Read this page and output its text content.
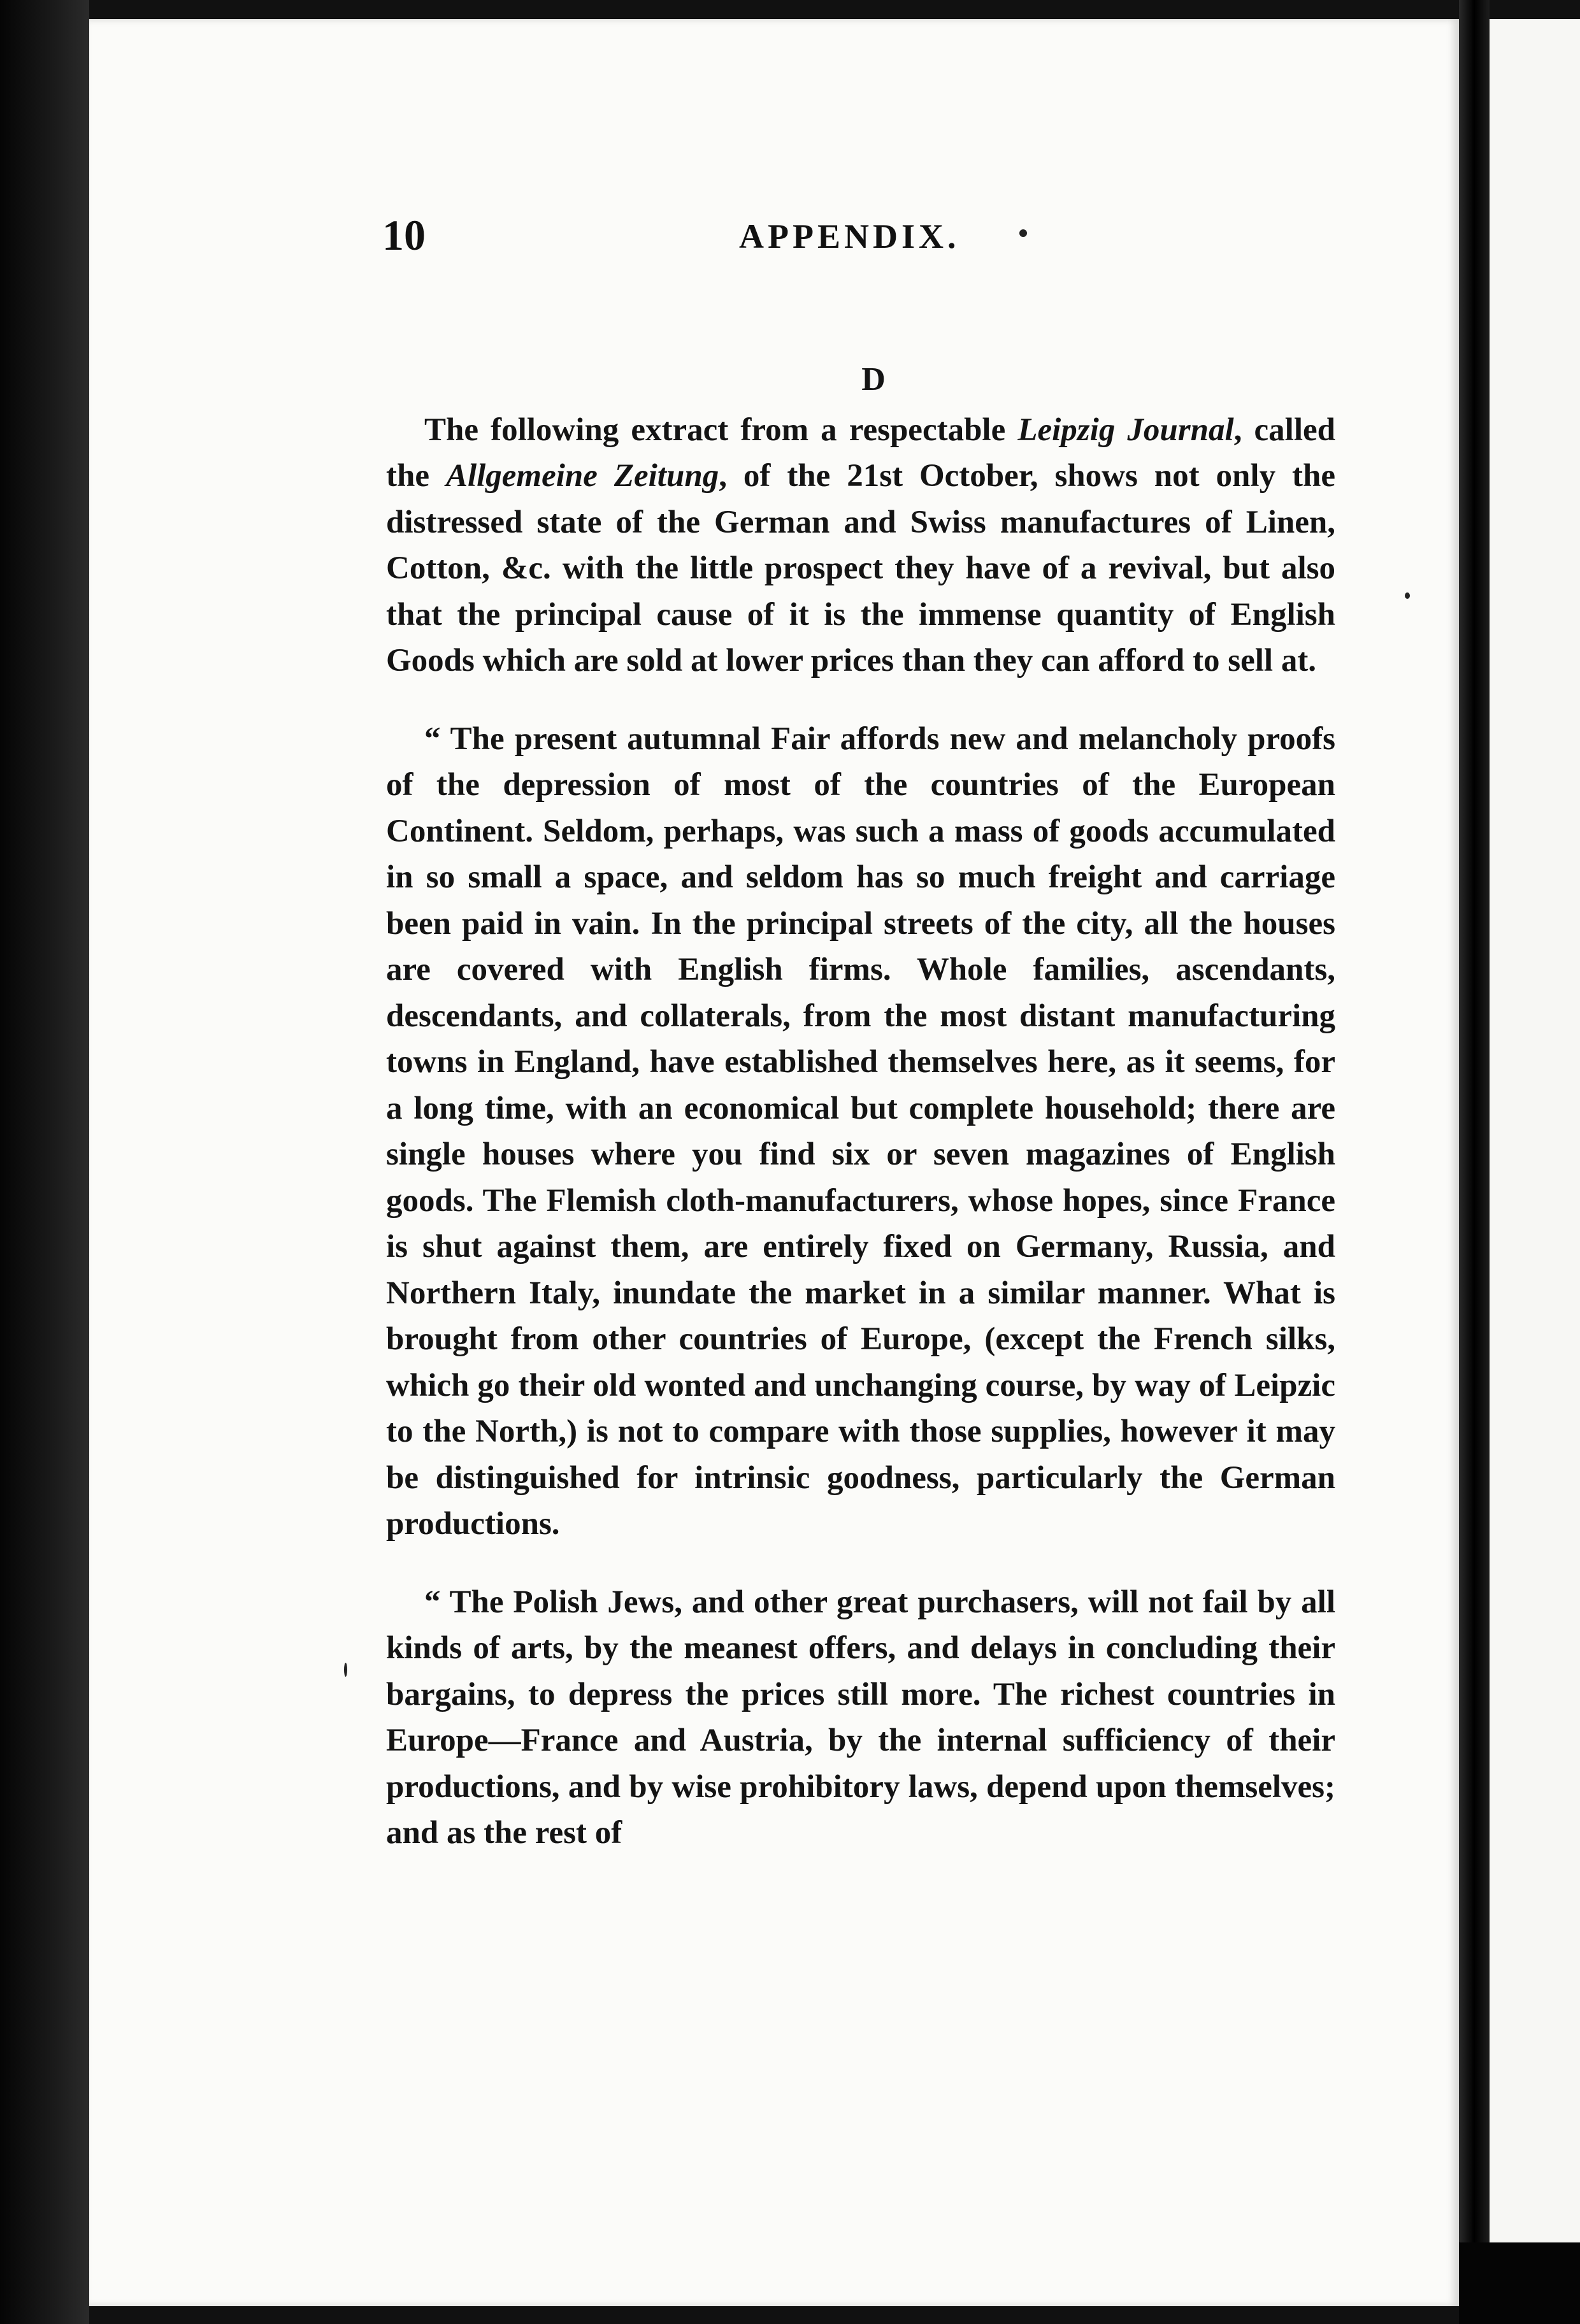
10	APPENDIX.
D

The following extract from a respectable Leipzig Journal, called the Allgemeine Zeitung, of the 21st October, shows not only the distressed state of the German and Swiss manufactures of Linen, Cotton, &c. with the little prospect they have of a revival, but also that the principal cause of it is the immense quantity of English Goods which are sold at lower prices than they can afford to sell at.

“ The present autumnal Fair affords new and melancholy proofs of the depression of most of the countries of the European Continent. Seldom, perhaps, was such a mass of goods accumulated in so small a space, and seldom has so much freight and carriage been paid in vain. In the principal streets of the city, all the houses are covered with English firms. Whole families, ascendants, descendants, and collaterals, from the most distant manufacturing towns in England, have established themselves here, as it seems, for a long time, with an economical but complete household; there are single houses where you find six or seven magazines of English goods. The Flemish cloth-manufacturers, whose hopes, since France is shut against them, are entirely fixed on Germany, Russia, and Northern Italy, inundate the market in a similar manner. What is brought from other countries of Europe, (except the French silks, which go their old wonted and unchanging course, by way of Leipzic to the North,) is not to compare with those supplies, however it may be distinguished for intrinsic goodness, particularly the German productions.

“ The Polish Jews, and other great purchasers, will not fail by all kinds of arts, by the meanest offers, and delays in concluding their bargains, to depress the prices still more. The richest countries in Europe—France and Austria, by the internal sufficiency of their productions, and by wise prohibitory laws, depend upon themselves; and as the rest of
